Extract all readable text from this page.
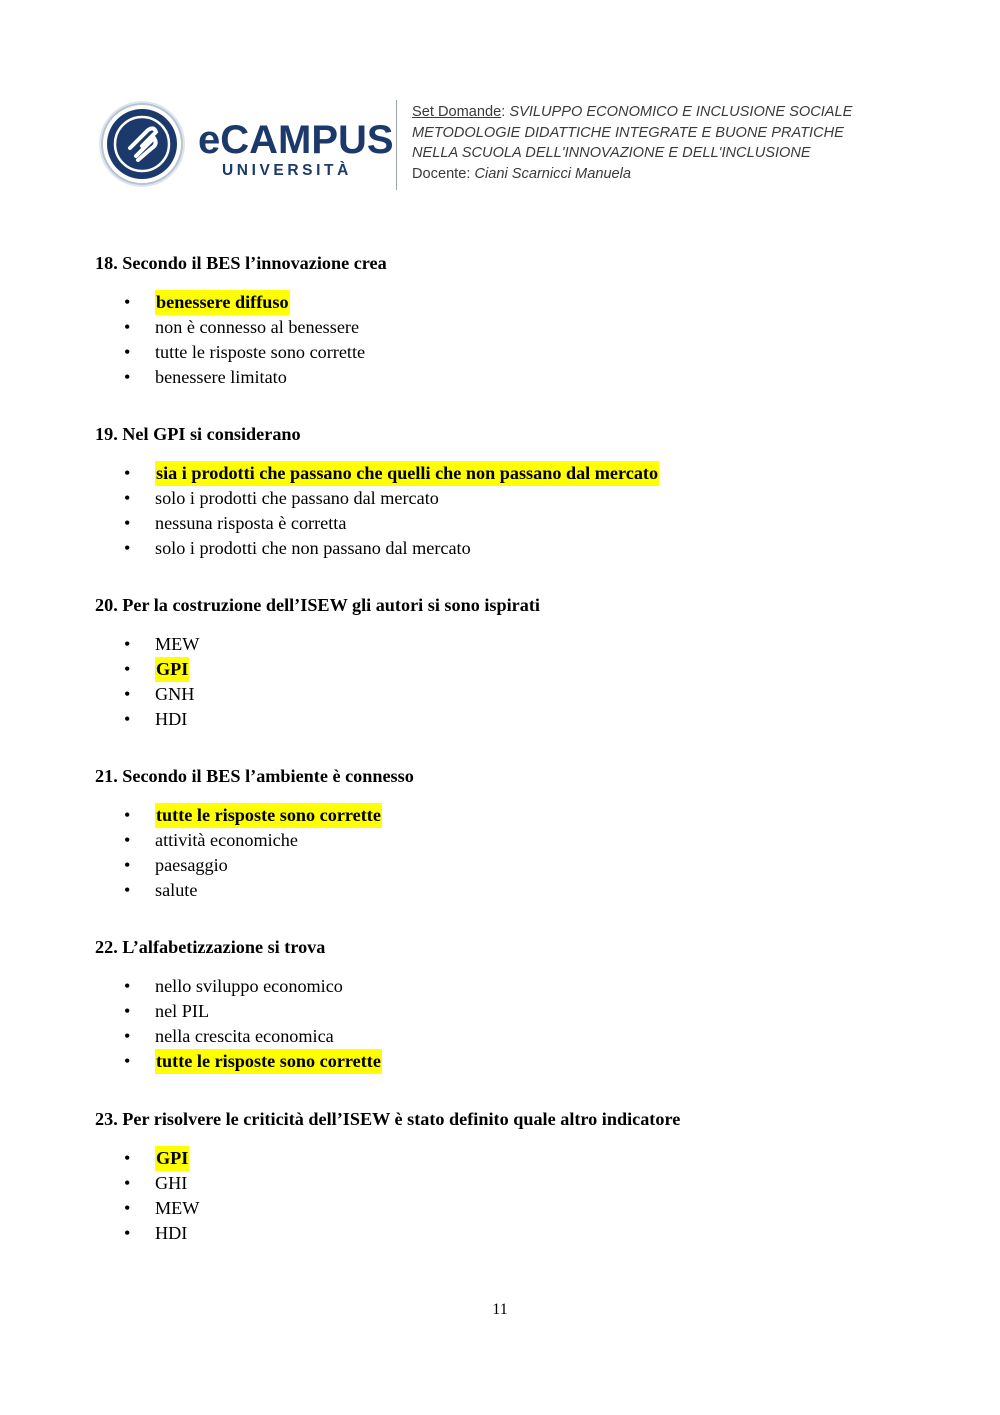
eCAMPUS
UNIVERSITÀ
Set Domande: SVILUPPO ECONOMICO E INCLUSIONE SOCIALE
METODOLOGIE DIDATTICHE INTEGRATE E BUONE PRATICHE
NELLA SCUOLA DELL'INNOVAZIONE E DELL'INCLUSIONE
Docente: Ciani Scarnicci Manuela

18. Secondo il BES l’innovazione crea

• benessere diffuso
• non è connesso al benessere
• tutte le risposte sono corrette
• benessere limitato

19. Nel GPI si considerano

• sia i prodotti che passano che quelli che non passano dal mercato
• solo i prodotti che passano dal mercato
• nessuna risposta è corretta
• solo i prodotti che non passano dal mercato

20. Per la costruzione dell’ISEW gli autori si sono ispirati

• MEW
• GPI
• GNH
• HDI

21. Secondo il BES l’ambiente è connesso

• tutte le risposte sono corrette
• attività economiche
• paesaggio
• salute

22. L’alfabetizzazione si trova

• nello sviluppo economico
• nel PIL
• nella crescita economica
• tutte le risposte sono corrette

23. Per risolvere le criticità dell’ISEW è stato definito quale altro indicatore

• GPI
• GHI
• MEW
• HDI
11
